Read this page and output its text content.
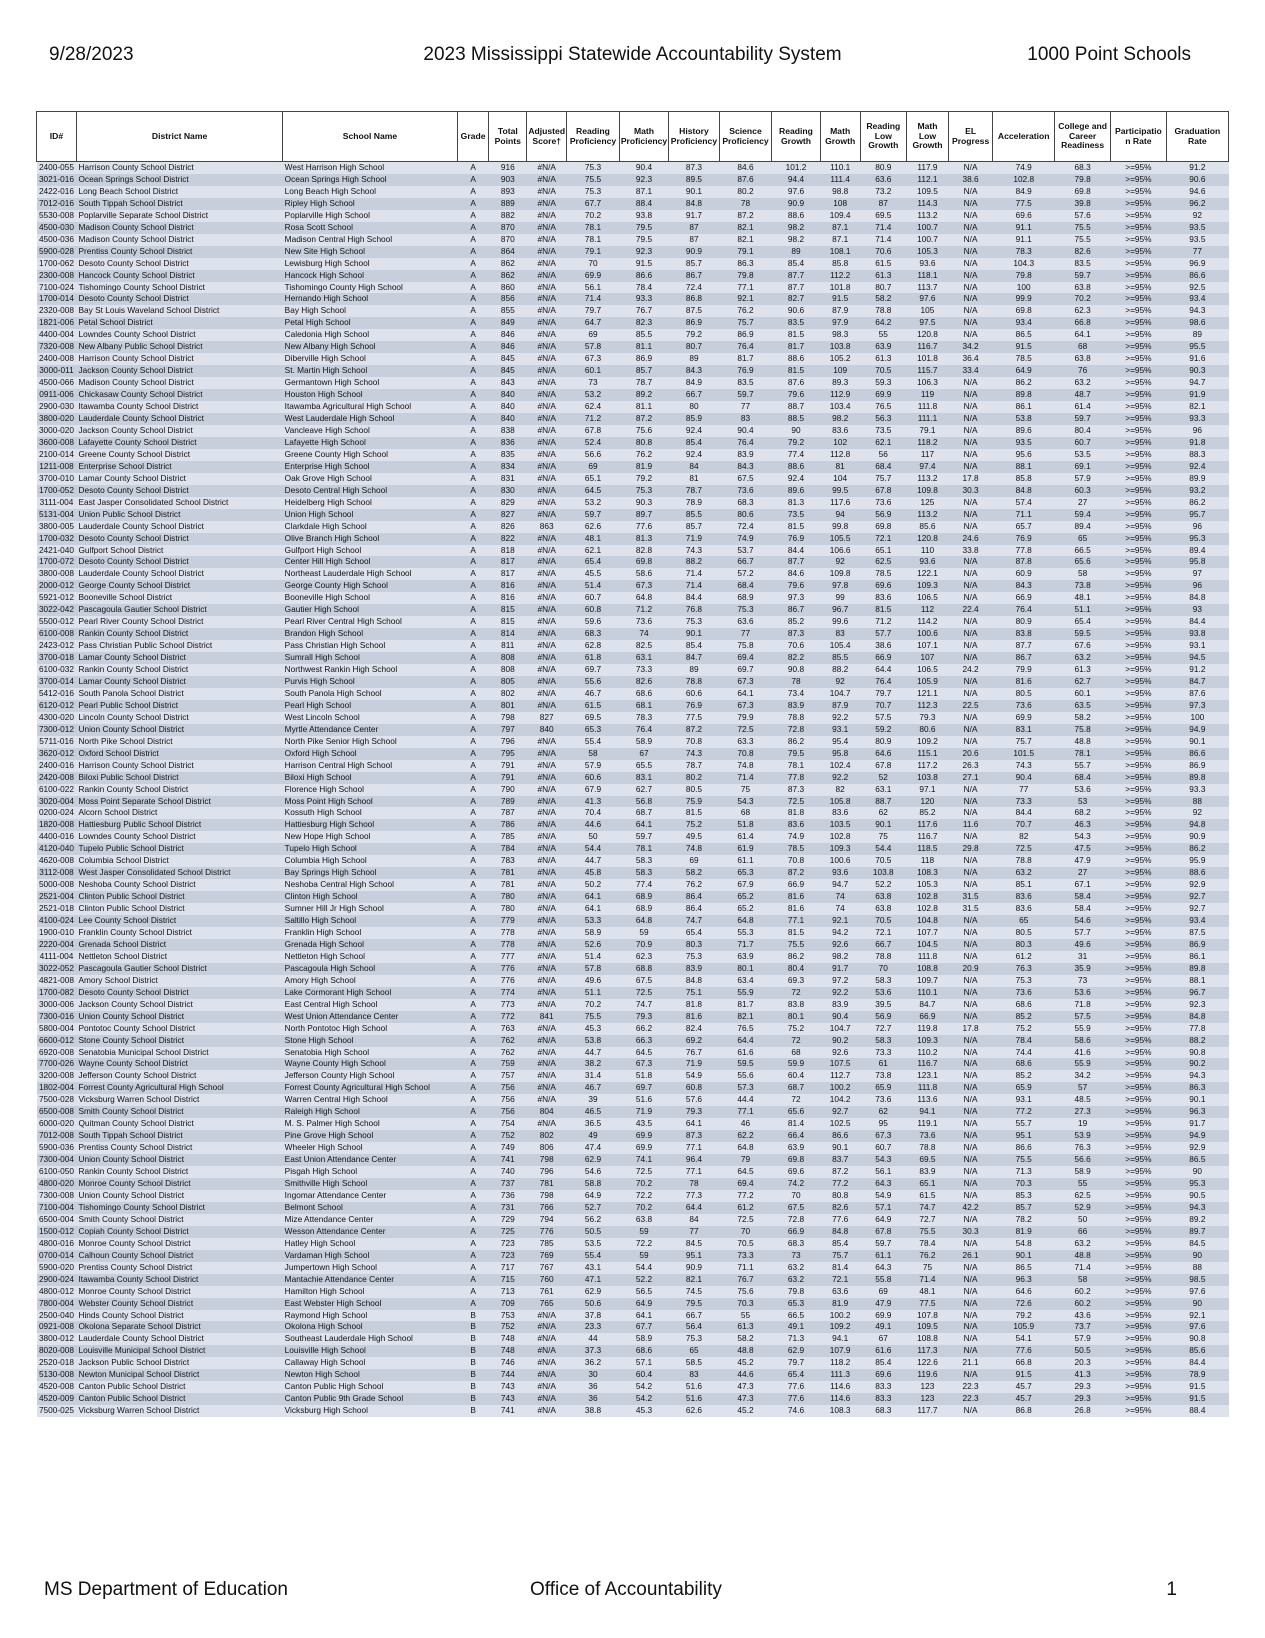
9/28/2023	2023 Mississippi Statewide Accountability System	1000 Point Schools
ID#	District Name	School Name	Grade	Total Points	Adjusted Score†	Reading Proficiency	Math Proficiency	History Proficiency	Science Proficiency	Reading Growth	Math Growth	Reading Low Growth	Math Low Growth	EL Progress	Acceleration	College and Career Readiness	Participatio n Rate	Graduation Rate
2400-055	Harrison County School District	West Harrison High School	A	916	#N/A	75.3	90.4	87.3	84.6	101.2	110.1	80.9	117.9	N/A	74.9	68.3	>=95%	91.2
3021-016	Ocean Springs School District	Ocean Springs High School	A	903	#N/A	75.5	92.3	89.5	87.6	94.4	111.4	63.6	112.1	38.6	102.8	79.8	>=95%	90.6
2422-016	Long Beach School District	Long Beach High School	A	893	#N/A	75.3	87.1	90.1	80.2	97.6	98.8	73.2	109.5	N/A	84.9	69.8	>=95%	94.6
7012-016	South Tippah School District	Ripley High School	A	889	#N/A	67.7	88.4	84.8	78	90.9	108	87	114.3	N/A	77.5	39.8	>=95%	96.2
5530-008	Poplarville Separate School District	Poplarville High School	A	882	#N/A	70.2	93.8	91.7	87.2	88.6	109.4	69.5	113.2	N/A	69.6	57.6	>=95%	92
4500-030	Madison County School District	Rosa Scott School	A	870	#N/A	78.1	79.5	87	82.1	98.2	87.1	71.4	100.7	N/A	91.1	75.5	>=95%	93.5
4500-036	Madison County School District	Madison Central High School	A	870	#N/A	78.1	79.5	87	82.1	98.2	87.1	71.4	100.7	N/A	91.1	75.5	>=95%	93.5
5900-028	Prentiss County School District	New Site High School	A	864	#N/A	79.1	92.3	90.9	79.1	89	108.1	70.6	105.3	N/A	78.3	82.6	>=95%	77
1700-062	Desoto County School District	Lewisburg High School	A	862	#N/A	70	91.5	85.7	86.3	85.4	85.8	61.5	93.6	N/A	104.3	83.5	>=95%	96.9
2300-008	Hancock County School District	Hancock High School	A	862	#N/A	69.9	86.6	86.7	79.8	87.7	112.2	61.3	118.1	N/A	79.8	59.7	>=95%	86.6
7100-024	Tishomingo County School District	Tishomingo County High School	A	860	#N/A	56.1	78.4	72.4	77.1	87.7	101.8	80.7	113.7	N/A	100	63.8	>=95%	92.5
1700-014	Desoto County School District	Hernando High School	A	856	#N/A	71.4	93.3	86.8	92.1	82.7	91.5	58.2	97.6	N/A	99.9	70.2	>=95%	93.4
2320-008	Bay St Louis Waveland School District	Bay High School	A	855	#N/A	79.7	76.7	87.5	76.2	90.6	87.9	78.8	105	N/A	69.8	62.3	>=95%	94.3
1821-006	Petal School District	Petal High School	A	849	#N/A	64.7	82.3	86.9	75.7	83.5	97.9	64.2	97.5	N/A	93.4	66.8	>=95%	98.6
4400-004	Lowndes County School District	Caledonia High School	A	846	#N/A	69	85.5	79.2	86.9	81.5	98.3	55	120.8	N/A	86.5	64.1	>=95%	89
7320-008	New Albany Public School District	New Albany High School	A	846	#N/A	57.8	81.1	80.7	76.4	81.7	103.8	63.9	116.7	34.2	91.5	68	>=95%	95.5
2400-008	Harrison County School District	Diberville High School	A	845	#N/A	67.3	86.9	89	81.7	88.6	105.2	61.3	101.8	36.4	78.5	63.8	>=95%	91.6
3000-011	Jackson County School District	St. Martin High School	A	845	#N/A	60.1	85.7	84.3	76.9	81.5	109	70.5	115.7	33.4	64.9	76	>=95%	90.3
4500-066	Madison County School District	Germantown High School	A	843	#N/A	73	78.7	84.9	83.5	87.6	89.3	59.3	106.3	N/A	86.2	63.2	>=95%	94.7
0911-006	Chickasaw County School District	Houston High School	A	840	#N/A	53.2	89.2	66.7	59.7	79.6	112.9	69.9	119	N/A	89.8	48.7	>=95%	91.9
2900-030	Itawamba County School District	Itawamba Agricultural High School	A	840	#N/A	62.4	81.1	80	77	88.7	103.4	76.5	111.8	N/A	86.1	61.4	>=95%	82.1
3800-020	Lauderdale County School District	West Lauderdale High School	A	840	#N/A	71.2	87.2	85.9	83	88.5	98.2	56.3	111.1	N/A	53.8	59.7	>=95%	93.3
3000-020	Jackson County School District	Vancleave High School	A	838	#N/A	67.8	75.6	92.4	90.4	90	83.6	73.5	79.1	N/A	89.6	80.4	>=95%	96
3600-008	Lafayette County School District	Lafayette High School	A	836	#N/A	52.4	80.8	85.4	76.4	79.2	102	62.1	118.2	N/A	93.5	60.7	>=95%	91.8
2100-014	Greene County School District	Greene County High School	A	835	#N/A	56.6	76.2	92.4	83.9	77.4	112.8	56	117	N/A	95.6	53.5	>=95%	88.3
1211-008	Enterprise School District	Enterprise High School	A	834	#N/A	69	81.9	84	84.3	88.6	81	68.4	97.4	N/A	88.1	69.1	>=95%	92.4
3700-010	Lamar County School District	Oak Grove High School	A	831	#N/A	65.1	79.2	81	67.5	92.4	104	75.7	113.2	17.8	85.8	57.9	>=95%	89.9
1700-052	Desoto County School District	Desoto Central High School	A	830	#N/A	64.5	75.3	78.7	73.6	89.6	99.5	67.8	109.8	30.3	84.8	60.3	>=95%	93.2
3111-004	East Jasper Consolidated School District	Heidelberg High School	A	829	#N/A	53.2	90.3	78.9	68.3	81.3	117.6	73.6	125	N/A	57.4	27	>=95%	86.2
5131-004	Union Public School District	Union High School	A	827	#N/A	59.7	89.7	85.5	80.6	73.5	94	56.9	113.2	N/A	71.1	59.4	>=95%	95.7
3800-005	Lauderdale County School District	Clarkdale High School	A	826	863	62.6	77.6	85.7	72.4	81.5	99.8	69.8	85.6	N/A	65.7	89.4	>=95%	96
1700-032	Desoto County School District	Olive Branch High School	A	822	#N/A	48.1	81.3	71.9	74.9	76.9	105.5	72.1	120.8	24.6	76.9	65	>=95%	95.3
2421-040	Gulfport School District	Gulfport High School	A	818	#N/A	62.1	82.8	74.3	53.7	84.4	106.6	65.1	110	33.8	77.8	66.5	>=95%	89.4
1700-072	Desoto County School District	Center Hill High School	A	817	#N/A	65.4	69.8	88.2	66.7	87.7	92	62.5	93.6	N/A	87.8	65.6	>=95%	95.8
3800-008	Lauderdale County School District	Northeast Lauderdale High School	A	817	#N/A	45.5	58.6	71.4	57.2	84.6	109.8	78.5	122.1	N/A	60.9	58	>=95%	97
2000-012	George County School District	George County High School	A	816	#N/A	51.4	67.3	71.4	68.4	79.6	97.8	69.6	109.3	N/A	84.3	73.8	>=95%	96
5921-012	Booneville School District	Booneville High School	A	816	#N/A	60.7	64.8	84.4	68.9	97.3	99	83.6	106.5	N/A	66.9	48.1	>=95%	84.8
3022-042	Pascagoula Gautier School District	Gautier High School	A	815	#N/A	60.8	71.2	76.8	75.3	86.7	96.7	81.5	112	22.4	76.4	51.1	>=95%	93
5500-012	Pearl River County School District	Pearl River Central High School	A	815	#N/A	59.6	73.6	75.3	63.6	85.2	99.6	71.2	114.2	N/A	80.9	65.4	>=95%	84.4
6100-008	Rankin County School District	Brandon High School	A	814	#N/A	68.3	74	90.1	77	87.3	83	57.7	100.6	N/A	83.8	59.5	>=95%	93.8
2423-012	Pass Christian Public School District	Pass Christian High School	A	811	#N/A	62.8	82.5	85.4	75.8	70.6	105.4	38.6	107.1	N/A	87.7	67.6	>=95%	93.1
3700-018	Lamar County School District	Sumrall High School	A	808	#N/A	61.8	63.1	84.7	69.4	82.2	85.5	66.9	107	N/A	86.7	63.2	>=95%	94.5
6100-032	Rankin County School District	Northwest Rankin High School	A	808	#N/A	69.7	73.3	89	69.7	90.8	88.2	64.4	106.5	24.2	79.9	61.3	>=95%	91.2
3700-014	Lamar County School District	Purvis High School	A	805	#N/A	55.6	82.6	78.8	67.3	78	92	76.4	105.9	N/A	81.6	62.7	>=95%	84.7
5412-016	South Panola School District	South Panola High School	A	802	#N/A	46.7	68.6	60.6	64.1	73.4	104.7	79.7	121.1	N/A	80.5	60.1	>=95%	87.6
6120-012	Pearl Public School District	Pearl High School	A	801	#N/A	61.5	68.1	76.9	67.3	83.9	87.9	70.7	112.3	22.5	73.6	63.5	>=95%	97.3
4300-020	Lincoln County School District	West Lincoln School	A	798	827	69.5	78.3	77.5	79.9	78.8	92.2	57.5	79.3	N/A	69.9	58.2	>=95%	100
7300-012	Union County School District	Myrtle Attendance Center	A	797	840	65.3	76.4	87.2	72.5	72.8	93.1	59.2	80.6	N/A	83.1	75.8	>=95%	94.9
5711-016	North Pike School District	North Pike Senior High School	A	796	#N/A	55.4	58.9	70.8	63.3	86.2	95.4	80.9	109.2	N/A	75.7	48.8	>=95%	90.1
3620-012	Oxford School District	Oxford High School	A	795	#N/A	58	67	74.3	70.8	79.5	95.8	64.6	115.1	20.6	101.5	78.1	>=95%	86.6
2400-016	Harrison County School District	Harrison Central High School	A	791	#N/A	57.9	65.5	78.7	74.8	78.1	102.4	67.8	117.2	26.3	74.3	55.7	>=95%	86.9
2420-008	Biloxi Public School District	Biloxi High School	A	791	#N/A	60.6	83.1	80.2	71.4	77.8	92.2	52	103.8	27.1	90.4	68.4	>=95%	89.8
6100-022	Rankin County School District	Florence High School	A	790	#N/A	67.9	62.7	80.5	75	87.3	82	63.1	97.1	N/A	77	53.6	>=95%	93.3
3020-004	Moss Point Separate School District	Moss Point High School	A	789	#N/A	41.3	56.8	75.9	54.3	72.5	105.8	88.7	120	N/A	73.3	53	>=95%	88
0200-024	Alcorn School District	Kossuth High School	A	787	#N/A	70.4	68.7	81.5	68	81.8	83.6	62	85.2	N/A	84.4	68.2	>=95%	92
1820-008	Hattiesburg Public School District	Hattiesburg High School	A	786	#N/A	44.6	64.1	75.2	51.8	83.6	103.5	90.1	117.6	11.6	70.7	46.3	>=95%	94.8
4400-016	Lowndes County School District	New Hope High School	A	785	#N/A	50	59.7	49.5	61.4	74.9	102.8	75	116.7	N/A	82	54.3	>=95%	90.9
4120-040	Tupelo Public School District	Tupelo High School	A	784	#N/A	54.4	78.1	74.8	61.9	78.5	109.3	54.4	118.5	29.8	72.5	47.5	>=95%	86.2
4620-008	Columbia School District	Columbia High School	A	783	#N/A	44.7	58.3	69	61.1	70.8	100.6	70.5	118	N/A	78.8	47.9	>=95%	95.9
3112-008	West Jasper Consolidated School District	Bay Springs High School	A	781	#N/A	45.8	58.3	58.2	65.3	87.2	93.6	103.8	108.3	N/A	63.2	27	>=95%	88.6
5000-008	Neshoba County School District	Neshoba Central High School	A	781	#N/A	50.2	77.4	76.2	67.9	66.9	94.7	52.2	105.3	N/A	85.1	67.1	>=95%	92.9
2521-004	Clinton Public School District	Clinton High School	A	780	#N/A	64.1	68.9	86.4	65.2	81.6	74	63.8	102.8	31.5	83.6	58.4	>=95%	92.7
2521-018	Clinton Public School District	Sumner Hill Jr High School	A	780	#N/A	64.1	68.9	86.4	65.2	81.6	74	63.8	102.8	31.5	83.6	58.4	>=95%	92.7
4100-024	Lee County School District	Saltillo High School	A	779	#N/A	53.3	64.8	74.7	64.8	77.1	92.1	70.5	104.8	N/A	65	54.6	>=95%	93.4
1900-010	Franklin County School District	Franklin High School	A	778	#N/A	58.9	59	65.4	55.3	81.5	94.2	72.1	107.7	N/A	80.5	57.7	>=95%	87.5
2220-004	Grenada School District	Grenada High School	A	778	#N/A	52.6	70.9	80.3	71.7	75.5	92.6	66.7	104.5	N/A	80.3	49.6	>=95%	86.9
4111-004	Nettleton School District	Nettleton High School	A	777	#N/A	51.4	62.3	75.3	63.9	86.2	98.2	78.8	111.8	N/A	61.2	31	>=95%	86.1
3022-052	Pascagoula Gautier School District	Pascagoula High School	A	776	#N/A	57.8	68.8	83.9	80.1	80.4	91.7	70	108.8	20.9	76.3	35.9	>=95%	89.8
4821-008	Amory School District	Amory High School	A	776	#N/A	49.6	67.5	84.8	63.4	69.3	97.2	58.3	109.7	N/A	75.3	73	>=95%	88.1
1700-082	Desoto County School District	Lake Cormorant High School	A	774	#N/A	51.1	72.5	75.1	55.9	72	92.2	53.6	110.1	N/A	73.6	53.6	>=95%	96.7
3000-006	Jackson County School District	East Central High School	A	773	#N/A	70.2	74.7	81.8	81.7	83.8	83.9	39.5	84.7	N/A	68.6	71.8	>=95%	92.3
7300-016	Union County School District	West Union Attendance Center	A	772	841	75.5	79.3	81.6	82.1	80.1	90.4	56.9	66.9	N/A	85.2	57.5	>=95%	84.8
5800-004	Pontotoc County School District	North Pontotoc High School	A	763	#N/A	45.3	66.2	82.4	76.5	75.2	104.7	72.7	119.8	17.8	75.2	55.9	>=95%	77.8
6600-012	Stone County School District	Stone High School	A	762	#N/A	53.8	66.3	69.2	64.4	72	90.2	58.3	109.3	N/A	78.4	58.6	>=95%	88.2
6920-008	Senatobia Municipal School District	Senatobia High School	A	762	#N/A	44.7	64.5	76.7	61.6	68	92.6	73.3	110.2	N/A	74.4	41.6	>=95%	90.8
7700-026	Wayne County School District	Wayne County High School	A	759	#N/A	38.2	67.3	71.9	59.5	59.9	107.5	61	116.7	N/A	68.6	55.9	>=95%	90.2
3200-008	Jefferson County School District	Jefferson County High School	A	757	#N/A	31.4	51.8	54.9	55.6	60.4	112.7	73.8	123.1	N/A	85.2	34.2	>=95%	94.3
1802-004	Forrest County Agricultural High School	Forrest County Agricultural High School	A	756	#N/A	46.7	69.7	60.8	57.3	68.7	100.2	65.9	111.8	N/A	65.9	57	>=95%	86.3
7500-028	Vicksburg Warren School District	Warren Central High School	A	756	#N/A	39	51.6	57.6	44.4	72	104.2	73.6	113.6	N/A	93.1	48.5	>=95%	90.1
6500-008	Smith County School District	Raleigh High School	A	756	804	46.5	71.9	79.3	77.1	65.6	92.7	62	94.1	N/A	77.2	27.3	>=95%	96.3
6000-020	Quitman County School District	M. S. Palmer High School	A	754	#N/A	36.5	43.5	64.1	46	81.4	102.5	95	119.1	N/A	55.7	19	>=95%	91.7
7012-008	South Tippah School District	Pine Grove High School	A	752	802	49	69.9	87.3	62.2	66.4	86.6	67.3	73.6	N/A	95.1	53.9	>=95%	94.9
5900-036	Prentiss County School District	Wheeler High School	A	749	806	47.4	69.9	77.1	64.8	63.9	90.1	60.7	78.8	N/A	86.6	76.3	>=95%	92.9
7300-004	Union County School District	East Union Attendance Center	A	741	798	62.9	74.1	96.4	79	69.8	83.7	54.3	69.5	N/A	75.5	56.6	>=95%	86.5
6100-050	Rankin County School District	Pisgah High School	A	740	796	54.6	72.5	77.1	64.5	69.6	87.2	56.1	83.9	N/A	71.3	58.9	>=95%	90
4800-020	Monroe County School District	Smithville High School	A	737	781	58.8	70.2	78	69.4	74.2	77.2	64.3	65.1	N/A	70.3	55	>=95%	95.3
7300-008	Union County School District	Ingomar Attendance Center	A	736	798	64.9	72.2	77.3	77.2	70	80.8	54.9	61.5	N/A	85.3	62.5	>=95%	90.5
7100-004	Tishomingo County School District	Belmont School	A	731	766	52.7	70.2	64.4	61.2	67.5	82.6	57.1	74.7	42.2	85.7	52.9	>=95%	94.3
6500-004	Smith County School District	Mize Attendance Center	A	729	794	56.2	63.8	84	72.5	72.8	77.6	64.9	72.7	N/A	78.2	50	>=95%	89.2
1500-012	Copiah County School District	Wesson Attendance Center	A	725	776	50.5	59	77	70	66.9	84.8	67.8	75.5	30.3	81.9	66	>=95%	89.7
4800-016	Monroe County School District	Hatley High School	A	723	785	53.5	72.2	84.5	70.5	68.3	85.4	59.7	78.4	N/A	54.8	63.2	>=95%	84.5
0700-014	Calhoun County School District	Vardaman High School	A	723	769	55.4	59	95.1	73.3	73	75.7	61.1	76.2	26.1	90.1	48.8	>=95%	90
5900-020	Prentiss County School District	Jumpertown High School	A	717	767	43.1	54.4	90.9	71.1	63.2	81.4	64.3	75	N/A	86.5	71.4	>=95%	88
2900-024	Itawamba County School District	Mantachie Attendance Center	A	715	760	47.1	52.2	82.1	76.7	63.2	72.1	55.8	71.4	N/A	96.3	58	>=95%	98.5
4800-012	Monroe County School District	Hamilton High School	A	713	761	62.9	56.5	74.5	75.6	79.8	63.6	69	48.1	N/A	64.6	60.2	>=95%	97.6
7800-004	Webster County School District	East Webster High School	A	709	765	50.6	64.9	79.5	70.3	65.3	81.9	47.9	77.5	N/A	72.6	60.2	>=95%	90
2500-040	Hinds County School District	Raymond High School	B	753	#N/A	37.8	64.1	66.7	55	66.5	100.2	69.9	107.8	N/A	79.2	43.6	>=95%	92.1
0921-008	Okolona Separate School District	Okolona High School	B	752	#N/A	23.3	67.7	56.4	61.3	49.1	109.2	49.1	109.5	N/A	105.9	73.7	>=95%	97.6
3800-012	Lauderdale County School District	Southeast Lauderdale High School	B	748	#N/A	44	58.9	75.3	58.2	71.3	94.1	67	108.8	N/A	54.1	57.9	>=95%	90.8
8020-008	Louisville Municipal School District	Louisville High School	B	748	#N/A	37.3	68.6	65	48.8	62.9	107.9	61.6	117.3	N/A	77.6	50.5	>=95%	85.6
2520-018	Jackson Public School District	Callaway High School	B	746	#N/A	36.2	57.1	58.5	45.2	79.7	118.2	85.4	122.6	21.1	66.8	20.3	>=95%	84.4
5130-008	Newton Municipal School District	Newton High School	B	744	#N/A	30	60.4	83	44.6	65.4	111.3	69.6	119.6	N/A	91.5	41.3	>=95%	78.9
4520-008	Canton Public School District	Canton Public High School	B	743	#N/A	36	54.2	51.6	47.3	77.6	114.6	83.3	123	22.3	45.7	29.3	>=95%	91.5
4520-009	Canton Public School District	Canton Public 9th Grade School	B	743	#N/A	36	54.2	51.6	47.3	77.6	114.6	83.3	123	22.3	45.7	29.3	>=95%	91.5
7500-025	Vicksburg Warren School District	Vicksburg High School	B	741	#N/A	38.8	45.3	62.6	45.2	74.6	108.3	68.3	117.7	N/A	86.8	26.8	>=95%	88.4
MS Department of Education	Office of Accountability	1
